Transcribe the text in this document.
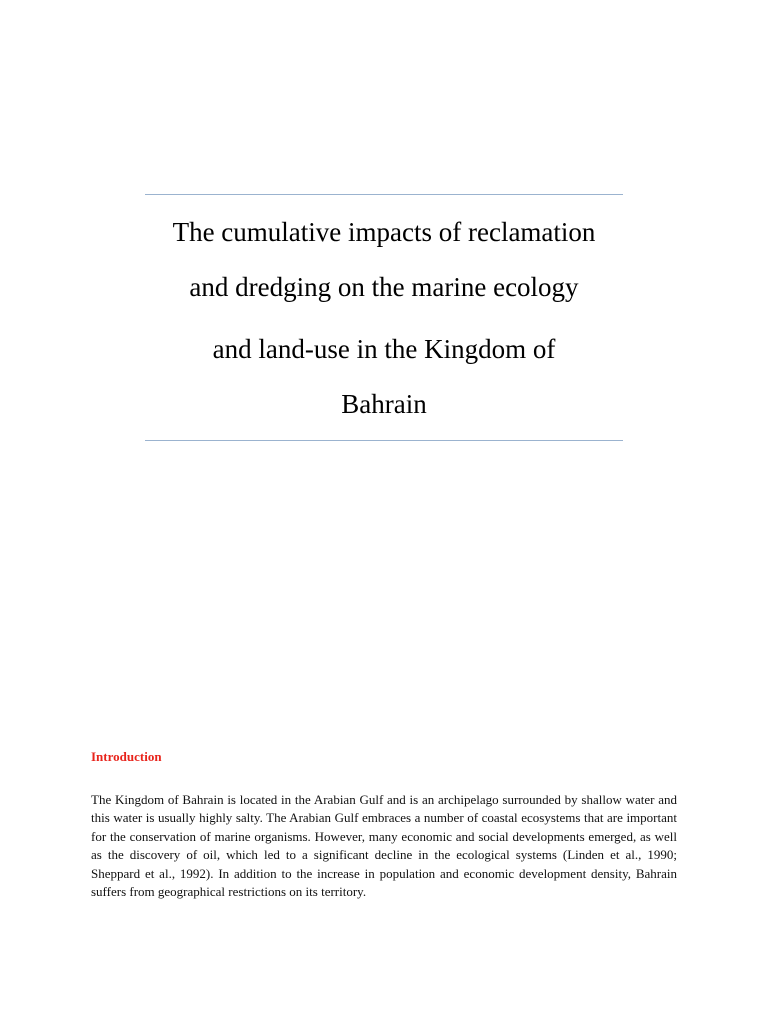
The cumulative impacts of reclamation
and dredging on the marine ecology
and land-use in the Kingdom of
Bahrain
Introduction

The Kingdom of Bahrain is located in the Arabian Gulf and is an archipelago surrounded by shallow water and this water is usually highly salty. The Arabian Gulf embraces a number of coastal ecosystems that are important for the conservation of marine organisms. However, many economic and social developments emerged, as well as the discovery of oil, which led to a significant decline in the ecological systems (Linden et al., 1990; Sheppard et al., 1992). In addition to the increase in population and economic development density, Bahrain suffers from geographical restrictions on its territory.
